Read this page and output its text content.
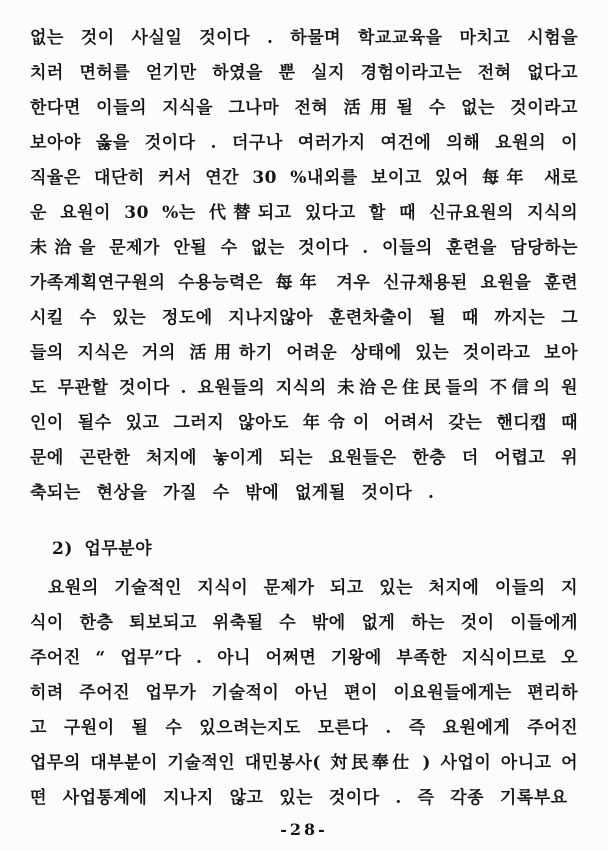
없는 것이 사실일 것이다 . 하물며 학교교육을 마치고 시험을
치러 면허를 얻기만 하였을 뿐 실지 경험이라고는 전혀 없다고
한다면 이들의 지식을 그나마 전혀 活用될 수 없는 것이라고
보아야 옳을 것이다 . 더구나 여러가지 여건에 의해 요원의 이
직율은 대단히 커서 연간 30 %내외를 보이고 있어 每年 새로
운 요원이 30 %는 代替되고 있다고 할 때 신규요원의 지식의
未洽을 문제가 안될 수 없는 것이다 . 이들의 훈련을 담당하는
가족계획연구원의 수용능력은 每年 겨우 신규채용된 요원을 훈련
시킬 수 있는 정도에 지나지않아 훈련차출이 될 때 까지는 그
들의 지식은 거의 活用하기 어려운 상태에 있는 것이라고 보아
도 무관할 것이다 . 요원들의 지식의 未洽은住民들의 不信의 원
인이 될수 있고 그러지 않아도 年令이 어려서 갖는 핸디캡 때
문에 곤란한 처지에 놓이게 되는 요원들은 한층 더 어렵고 위
축되는 현상을 가질 수 밖에 없게될 것이다 .
2) 업무분야
요원의 기술적인 지식이 문제가 되고 있는 처지에 이들의 지
식이 한층 퇴보되고 위축될 수 밖에 없게 하는 것이 이들에게
주어진 “ 업무”다 . 아니 어쩌면 기왕에 부족한 지식이므로 오
히려 주어진 업무가 기술적이 아닌 편이 이요원들에게는 편리하
고 구원이 될 수 있으려는지도 모른다 . 즉 요원에게 주어진
업무의 대부분이 기술적인 대민봉사( 対民奉仕 ) 사업이 아니고 어
떤 사업통계에 지나지 않고 있는 것이다 . 즉 각종 기록부요
-28-
